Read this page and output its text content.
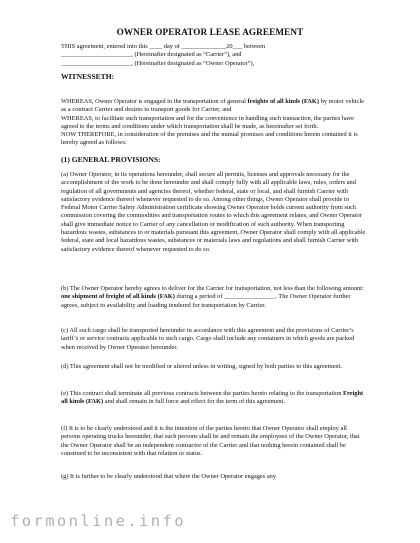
OWNER OPERATOR LEASE AGREEMENT

THIS agreement, entered into this ____ day of ______________20___ between

______________________, (Hereinafter designated as “Carrier”), and

______________________, (Hereinafter designated as “Owner Operator”),

WITNESSETH:

WHEREAS, Owner Operator is engaged in the transportation of general freights of all kinds (FAK) by motor vehicle as a contract Carrier and desires to transport goods for Carrier, and

WHEREAS, to facilitate such transportation and for the convenience in handling such transaction, the parties have agreed to the terms and conditions under which transportation shall be made, as hereinafter set forth.

NOW THEREFORE, in consideration of the premises and the mutual promises and conditions herein contained it is hereby agreed as follows:

(1) GENERAL PROVISIONS:
(a) Owner Operator, in its operations hereunder, shall secure all permits, licenses and approvals necessary for the accomplishment of the work to be done hereunder and shall comply fully with all applicable laws, rules, orders and regulation of all governments and agencies thereof, whether federal, state or local, and shall furnish Carrier with satisfactory evidence thereof whenever requested to do so. Among other things, Owner Operator shall provide to Federal Motor Carrier Safety Administration certificate showing Owner Operator holds current authority from such commission covering the commodities and transportation routes to which this agreement relates, and Owner Operator shall give immediate notice to Carrier of any cancellation or modification of such authority. When transporting hazardous wastes, substances to or materials pursuant this agreement, Owner Operator shall comply with all applicable federal, state and local hazardous wastes, substances or materials laws and regulations and shall furnish Carrier with satisfactory evidence thereof whenever requested to do so.
(b) The Owner Operator hereby agrees to deliver for the Carrier for transportation, not less than the following amount: one shipment of freight of all kinds (FAK) during a period of ________________. The Owner Operator further agrees, subject to availability and loading tendered for transportation by Carrier.
(c) All such cargo shall be transported hereunder in accordance with this agreement and the provisions of Carrier’s tariff’s or service contracts applicable to such cargo. Cargo shall include any containers in which goods are packed when received by Owner Operator hereunder.
(d) This agreement shall not be modified or altered unless in writing, signed by both parties to this agreement.
(e) This contract shall terminate all previous contracts between the parties hereto relating to the transportation Freight all kinds (FAK) and shall remain in full force and effect for the term of this agreement.
(f) It is to be clearly understood and it is the intention of the parties hereto that Owner Operator shall employ all persons operating trucks hereunder, that such persons shall be and remain the employees of the Owner Operator, that the Owner Operator shall be an independent contractor of the Carrier and that nothing herein contained shall be construed to be inconsistent with that relation or status.
(g) It is further to be clearly understood that where the Owner Operator engages any
formonline.info
